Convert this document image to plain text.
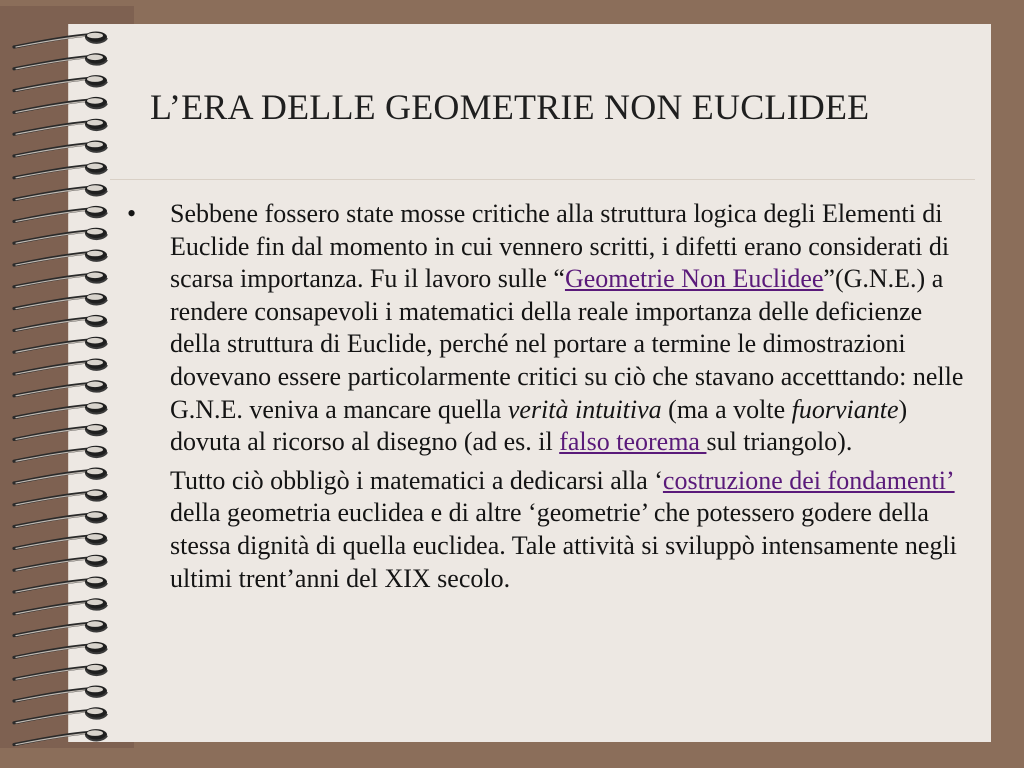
L’ERA DELLE GEOMETRIE NON EUCLIDEE
• Sebbene fossero state mosse critiche alla struttura logica degli Elementi di Euclide fin dal momento in cui vennero scritti, i difetti erano considerati di scarsa importanza. Fu il lavoro sulle “Geometrie Non Euclidee”(G.N.E.) a rendere consapevoli i matematici della reale importanza delle deficienze della struttura di Euclide, perché nel portare a termine le dimostrazioni dovevano essere particolarmente critici su ciò che stavano accetttando: nelle G.N.E. veniva a mancare quella verità intuitiva (ma a volte fuorviante) dovuta al ricorso al disegno (ad es. il falso teorema sul triangolo).

Tutto ciò obbligò i matematici a dedicarsi alla ‘costruzione dei fondamenti’ della geometria euclidea e di altre ‘geometrie’ che potessero godere della stessa dignità di quella euclidea. Tale attività si sviluppò intensamente negli ultimi trent’anni del XIX secolo.
